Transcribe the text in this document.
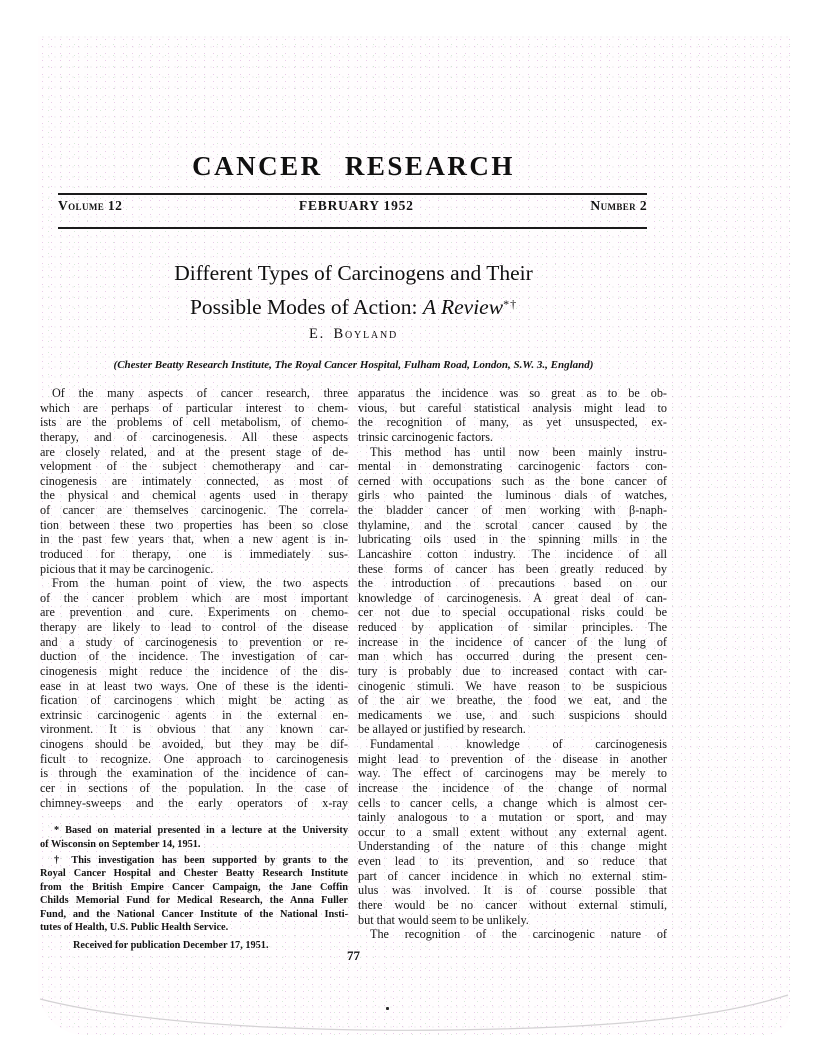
CANCER RESEARCH
Volume 12	FEBRUARY 1952	Number 2
Different Types of Carcinogens and Their
Possible Modes of Action: A Review*†
E. Boyland
(Chester Beatty Research Institute, The Royal Cancer Hospital, Fulham Road, London, S.W. 3., England)
Of the many aspects of cancer research, three
which are perhaps of particular interest to chem-
ists are the problems of cell metabolism, of chemo-
therapy, and of carcinogenesis. All these aspects
are closely related, and at the present stage of de-
velopment of the subject chemotherapy and car-
cinogenesis are intimately connected, as most of
the physical and chemical agents used in therapy
of cancer are themselves carcinogenic. The correla-
tion between these two properties has been so close
in the past few years that, when a new agent is in-
troduced for therapy, one is immediately sus-
picious that it may be carcinogenic.
From the human point of view, the two aspects
of the cancer problem which are most important
are prevention and cure. Experiments on chemo-
therapy are likely to lead to control of the disease
and a study of carcinogenesis to prevention or re-
duction of the incidence. The investigation of car-
cinogenesis might reduce the incidence of the dis-
ease in at least two ways. One of these is the identi-
fication of carcinogens which might be acting as
extrinsic carcinogenic agents in the external en-
vironment. It is obvious that any known car-
cinogens should be avoided, but they may be dif-
ficult to recognize. One approach to carcinogenesis
is through the examination of the incidence of can-
cer in sections of the population. In the case of
chimney-sweeps and the early operators of x-ray
* Based on material presented in a lecture at the University
of Wisconsin on September 14, 1951.
† This investigation has been supported by grants to the
Royal Cancer Hospital and Chester Beatty Research Institute
from the British Empire Cancer Campaign, the Jane Coffin
Childs Memorial Fund for Medical Research, the Anna Fuller
Fund, and the National Cancer Institute of the National Insti-
tutes of Health, U.S. Public Health Service.
Received for publication December 17, 1951.
apparatus the incidence was so great as to be ob-
vious, but careful statistical analysis might lead to
the recognition of many, as yet unsuspected, ex-
trinsic carcinogenic factors.
This method has until now been mainly instru-
mental in demonstrating carcinogenic factors con-
cerned with occupations such as the bone cancer of
girls who painted the luminous dials of watches,
the bladder cancer of men working with β-naph-
thylamine, and the scrotal cancer caused by the
lubricating oils used in the spinning mills in the
Lancashire cotton industry. The incidence of all
these forms of cancer has been greatly reduced by
the introduction of precautions based on our
knowledge of carcinogenesis. A great deal of can-
cer not due to special occupational risks could be
reduced by application of similar principles. The
increase in the incidence of cancer of the lung of
man which has occurred during the present cen-
tury is probably due to increased contact with car-
cinogenic stimuli. We have reason to be suspicious
of the air we breathe, the food we eat, and the
medicaments we use, and such suspicions should
be allayed or justified by research.
Fundamental knowledge of carcinogenesis
might lead to prevention of the disease in another
way. The effect of carcinogens may be merely to
increase the incidence of the change of normal
cells to cancer cells, a change which is almost cer-
tainly analogous to a mutation or sport, and may
occur to a small extent without any external agent.
Understanding of the nature of this change might
even lead to its prevention, and so reduce that
part of cancer incidence in which no external stim-
ulus was involved. It is of course possible that
there would be no cancer without external stimuli,
but that would seem to be unlikely.
The recognition of the carcinogenic nature of
77
